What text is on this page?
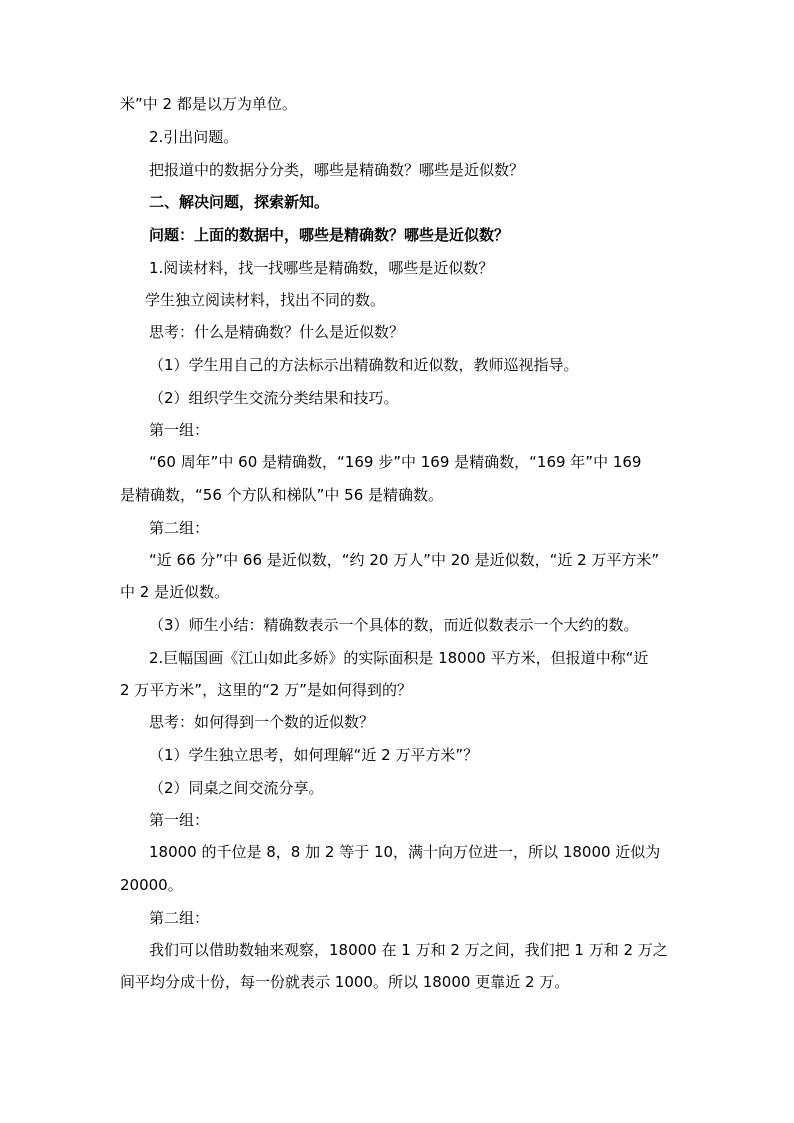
米”中 2 都是以万为单位。
2.引出问题。
把报道中的数据分分类，哪些是精确数？哪些是近似数？
二、解决问题，探索新知。
问题：上面的数据中，哪些是精确数？哪些是近似数？
1.阅读材料，找一找哪些是精确数，哪些是近似数？
学生独立阅读材料，找出不同的数。
思考：什么是精确数？什么是近似数？
（1）学生用自己的方法标示出精确数和近似数，教师巡视指导。
（2）组织学生交流分类结果和技巧。
第一组：
“60 周年”中 60 是精确数，“169 步”中 169 是精确数，“169 年”中 169
是精确数，“56 个方队和梯队”中 56 是精确数。
第二组：
“近 66 分”中 66 是近似数，“约 20 万人”中 20 是近似数，“近 2 万平方米”
中 2 是近似数。
（3）师生小结：精确数表示一个具体的数，而近似数表示一个大约的数。
2.巨幅国画《江山如此多娇》的实际面积是 18000 平方米，但报道中称“近
2 万平方米”，这里的“2 万”是如何得到的？
思考：如何得到一个数的近似数？
（1）学生独立思考，如何理解“近 2 万平方米”？
（2）同桌之间交流分享。
第一组：
18000 的千位是 8，8 加 2 等于 10，满十向万位进一，所以 18000 近似为
20000。
第二组：
我们可以借助数轴来观察，18000 在 1 万和 2 万之间，我们把 1 万和 2 万之
间平均分成十份，每一份就表示 1000。所以 18000 更靠近 2 万。
